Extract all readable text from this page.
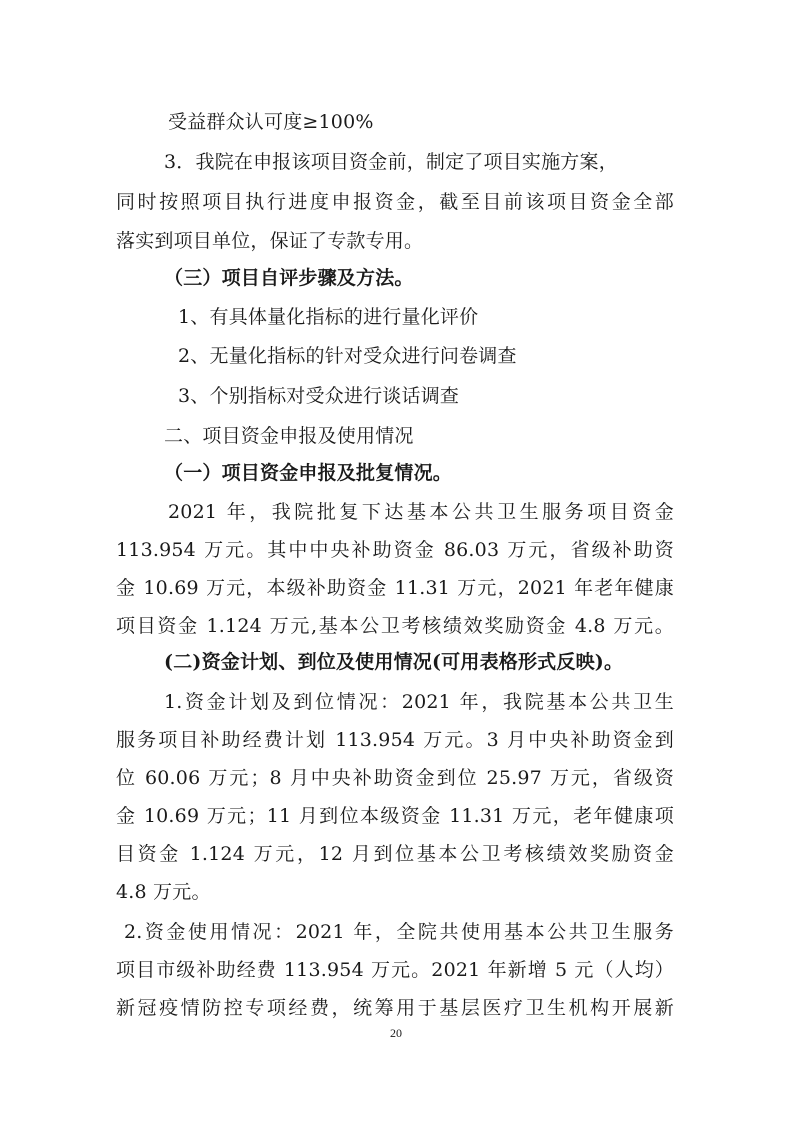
受益群众认可度≥100%
3．我院在申报该项目资金前，制定了项目实施方案，
同时按照项目执行进度申报资金，截至目前该项目资金全部
落实到项目单位，保证了专款专用。
（三）项目自评步骤及方法。
1、有具体量化指标的进行量化评价
2、无量化指标的针对受众进行问卷调查
3、个别指标对受众进行谈话调查
二、项目资金申报及使用情况
（一）项目资金申报及批复情况。
2021 年，我院批复下达基本公共卫生服务项目资金
113.954 万元。其中中央补助资金 86.03 万元，省级补助资
金 10.69 万元，本级补助资金 11.31 万元，2021 年老年健康
项目资金 1.124 万元,基本公卫考核绩效奖励资金 4.8 万元。
(二)资金计划、到位及使用情况(可用表格形式反映)。
1.资金计划及到位情况：2021 年，我院基本公共卫生
服务项目补助经费计划 113.954 万元。3 月中央补助资金到
位 60.06 万元；8 月中央补助资金到位 25.97 万元，省级资
金 10.69 万元；11 月到位本级资金 11.31 万元，老年健康项
目资金 1.124 万元，12 月到位基本公卫考核绩效奖励资金
4.8 万元。
2.资金使用情况：2021 年，全院共使用基本公共卫生服务
项目市级补助经费 113.954 万元。2021 年新增 5 元（人均）
新冠疫情防控专项经费，统筹用于基层医疗卫生机构开展新
20
